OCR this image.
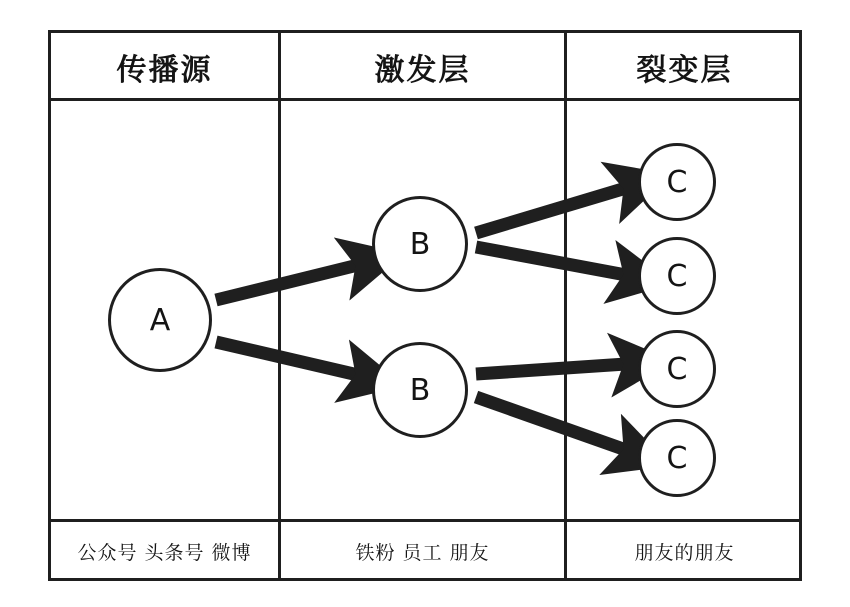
传播源	激发层	裂变层
A
B
B
C
C
C
C
公众号 头条号 微博	铁粉 员工 朋友	朋友的朋友
